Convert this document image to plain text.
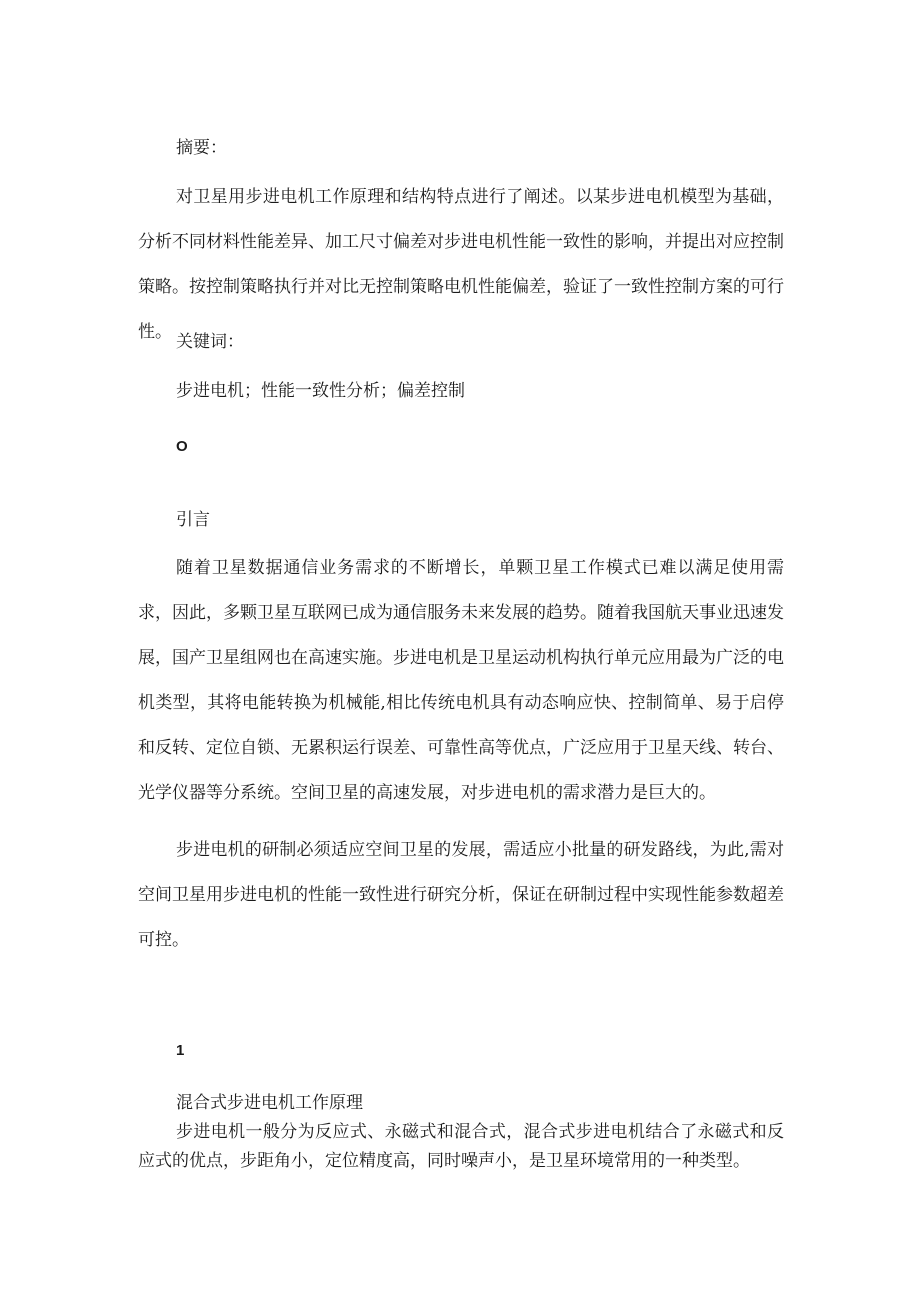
摘要：

对卫星用步进电机工作原理和结构特点进行了阐述。以某步进电机模型为基础，分析不同材料性能差异、加工尺寸偏差对步进电机性能一致性的影响，并提出对应控制策略。按控制策略执行并对比无控制策略电机性能偏差，验证了一致性控制方案的可行性。 关键词：

步进电机；性能一致性分析；偏差控制

O

引言

随着卫星数据通信业务需求的不断增长，单颗卫星工作模式已难以满足使用需求，因此，多颗卫星互联网已成为通信服务未来发展的趋势。随着我国航天事业迅速发展，国产卫星组网也在高速实施。步进电机是卫星运动机构执行单元应用最为广泛的电机类型，其将电能转换为机械能,相比传统电机具有动态响应快、控制简单、易于启停和反转、定位自锁、无累积运行误差、可靠性高等优点，广泛应用于卫星天线、转台、光学仪器等分系统。空间卫星的高速发展，对步进电机的需求潜力是巨大的。

步进电机的研制必须适应空间卫星的发展，需适应小批量的研发路线，为此,需对空间卫星用步进电机的性能一致性进行研究分析，保证在研制过程中实现性能参数超差可控。

1

混合式步进电机工作原理

步进电机一般分为反应式、永磁式和混合式，混合式步进电机结合了永磁式和反应式的优点，步距角小，定位精度高，同时噪声小，是卫星环境常用的一种类型。
